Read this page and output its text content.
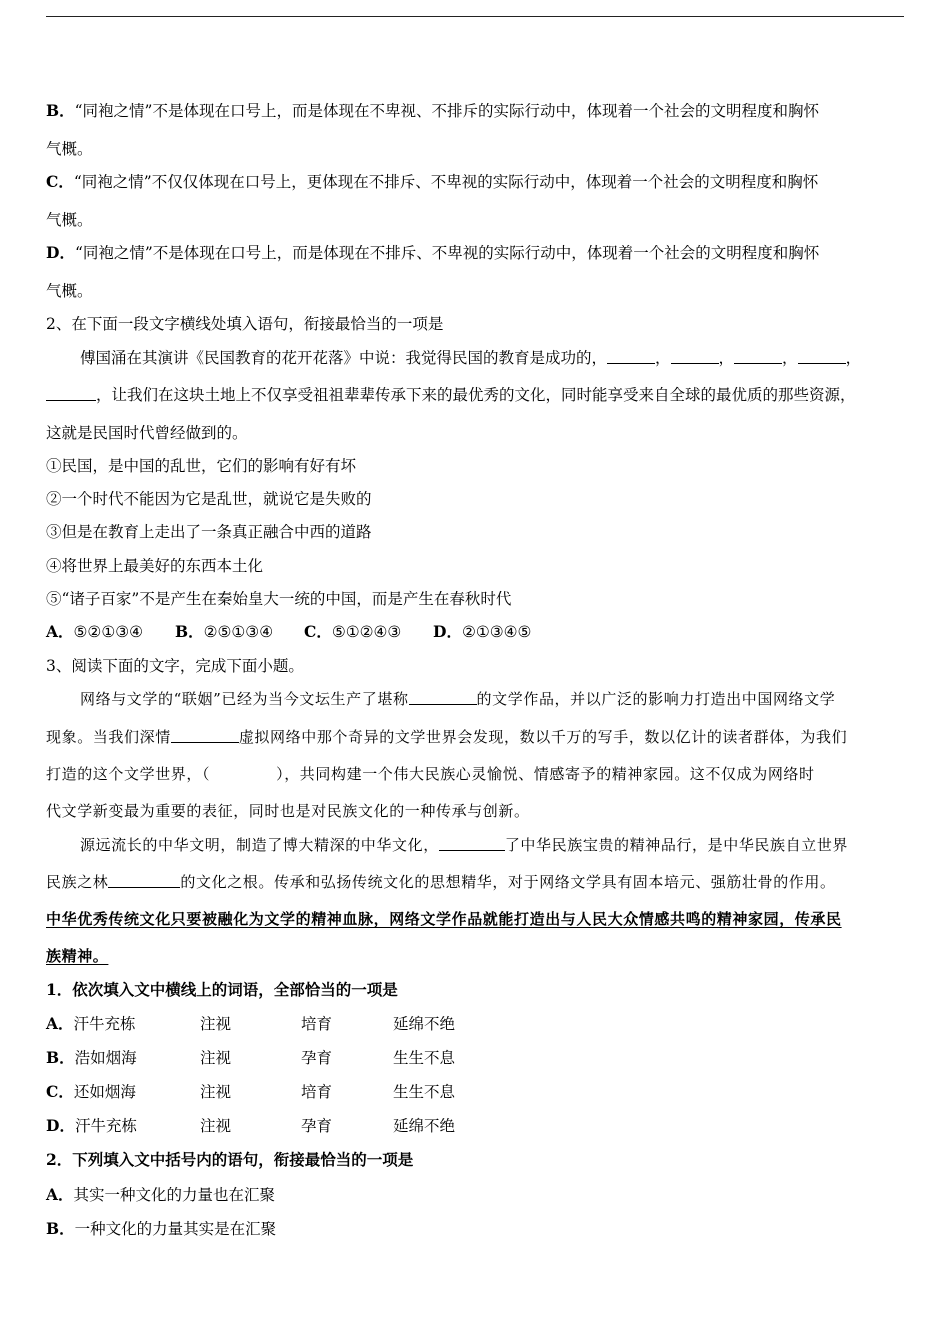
B．“同袍之情”不是体现在口号上，而是体现在不卑视、不排斥的实际行动中，体现着一个社会的文明程度和胸怀
气概。
C．“同袍之情”不仅仅体现在口号上，更体现在不排斥、不卑视的实际行动中，体现着一个社会的文明程度和胸怀
气概。
D．“同袍之情”不是体现在口号上，而是体现在不排斥、不卑视的实际行动中，体现着一个社会的文明程度和胸怀
气概。
2、在下面一段文字横线处填入语句，衔接最恰当的一项是
傅国涌在其演讲《民国教育的花开花落》中说：我觉得民国的教育是成功的，	，	，	，	，
，让我们在这块土地上不仅享受祖祖辈辈传承下来的最优秀的文化，同时能享受来自全球的最优质的那些资源，
这就是民国时代曾经做到的。
①民国，是中国的乱世，它们的影响有好有坏
②一个时代不能因为它是乱世，就说它是失败的
③但是在教育上走出了一条真正融合中西的道路
④将世界上最美好的东西本土化
⑤“诸子百家”不是产生在秦始皇大一统的中国，而是产生在春秋时代
A．⑤②①③④ B．②⑤①③④ C．⑤①②④③ D．②①③④⑤
3、阅读下面的文字，完成下面小题。
网络与文学的“联姻”已经为当今文坛生产了堪称	的文学作品，并以广泛的影响力打造出中国网络文学
现象。当我们深情	虚拟网络中那个奇异的文学世界会发现，数以千万的写手，数以亿计的读者群体，为我们
打造的这个文学世界，（	），共同构建一个伟大民族心灵愉悦、情感寄予的精神家园。这不仅成为网络时
代文学新变最为重要的表征，同时也是对民族文化的一种传承与创新。
源远流长的中华文明，制造了博大精深的中华文化，	了中华民族宝贵的精神品行，是中华民族自立世界
民族之林	的文化之根。传承和弘扬传统文化的思想精华，对于网络文学具有固本培元、强筋壮骨的作用。
中华优秀传统文化只要被融化为文学的精神血脉，网络文学作品就能打造出与人民大众情感共鸣的精神家园，传承民
族精神。
1．依次填入文中横线上的词语，全部恰当的一项是
A．汗牛充栋	注视	培育	延绵不绝
B．浩如烟海	注视	孕育	生生不息
C．还如烟海	注视	培育	生生不息
D．汗牛充栋	注视	孕育	延绵不绝
2．下列填入文中括号内的语句，衔接最恰当的一项是
A．其实一种文化的力量也在汇聚
B．一种文化的力量其实是在汇聚
